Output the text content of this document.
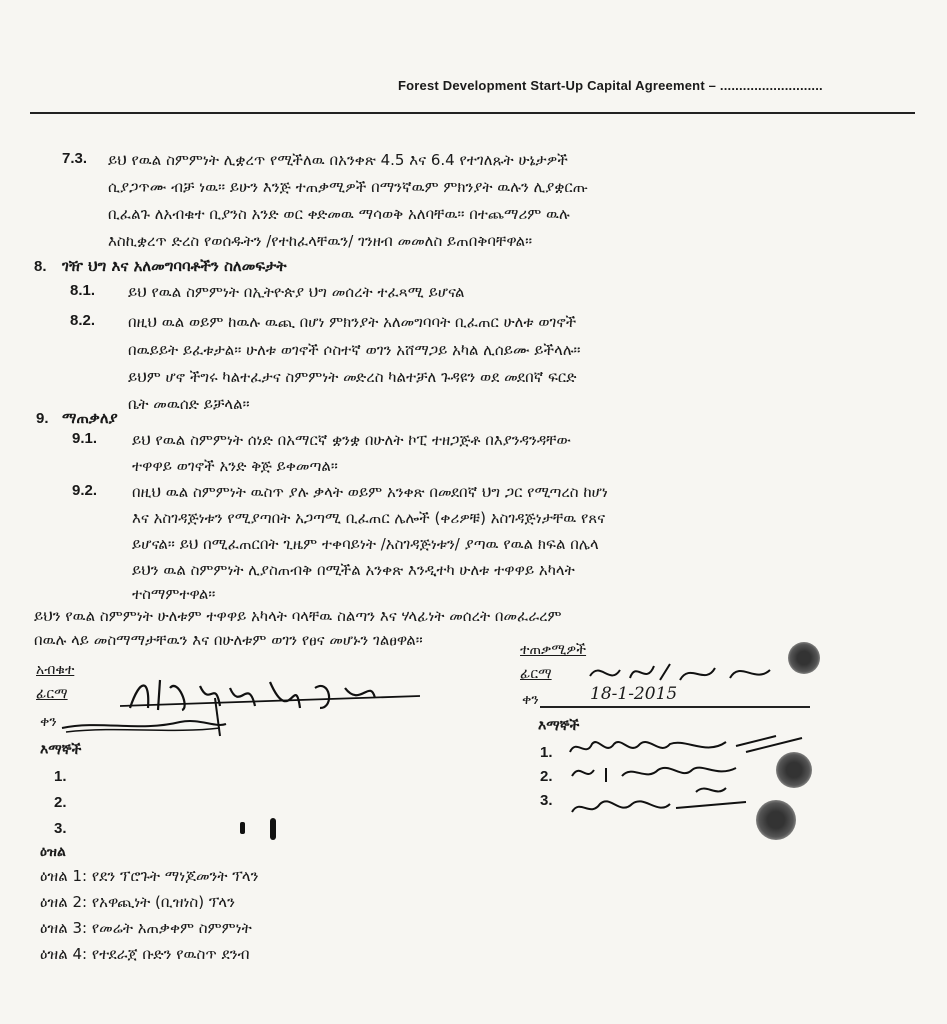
Forest Development Start-Up Capital Agreement – ...........................
7.3. ይህ የዉል ስምምነት ሊቋረጥ የሚችለዉ በአንቀጽ 4.5 እና 6.4 የተገለጹት ሁኔታዎች
ሲያጋጥሙ ብቻ ነዉ። ይሁን እንጅ ተጠቃሚዎች በማንኛዉም ምክንያት ዉሉን ሊያቋርጡ
ቢፈልጉ ለአብቁተ ቢያንስ አንድ ወር ቀድመዉ ማሳወቅ አለባቸዉ። በተጨማሪም ዉሉ
እስኪቋረጥ ድረስ የወሰዱትን /የተከፈላቸዉን/ ገንዘብ መመለስ ይጠበቅባቸዋል።
8. ገዥ ህግ እና አለመግባባቶችን ስለመፍታት
8.1. ይህ የዉል ስምምነት በኢትዮጵያ ህግ መሰረት ተፈጻሚ ይሆናል
8.2. በዚህ ዉል ወይም ከዉሉ ዉጪ በሆነ ምክንያት አለመግባባት ቢፈጠር ሁለቱ ወገኖች
በዉይይት ይፈቱታል። ሁለቱ ወገኖች ሶስተኛ ወገን አሸማጋይ አካል ሊሰይሙ ይችላሉ።
ይህም ሆኖ ችግሩ ካልተፈታና ስምምነት መድረስ ካልተቻለ ጉዳዩን ወደ መደበኛ ፍርድ
ቤት መዉሰድ ይቻላል።
9. ማጠቃለያ
9.1. ይህ የዉል ስምምነት ሰነድ በአማርኛ ቋንቋ በሁለት ኮፒ ተዘጋጅቶ በእያንዳንዳቸው
ተዋዋይ ወገኖች አንድ ቅጅ ይቀመጣል።
9.2. በዚህ ዉል ስምምነት ዉስጥ ያሉ ቃላት ወይም አንቀጽ በመደበኛ ህግ ጋር የሚጣረስ ከሆነ
እና አስገዳጅነቱን የሚያጣበት አጋጣሚ ቢፈጠር ሌሎች (ቀሪዎቹ) አስገዳጅነታቸዉ የጸና
ይሆናል። ይህ በሚፈጠርበት ጊዜም ተቀባይነት /አስገዳጅነቱን/ ያጣዉ የዉል ክፍል በሌላ
ይህን ዉል ስምምነት ሊያስጠብቅ በሚችል አንቀጽ እንዲተካ ሁለቱ ተዋዋይ አካላት
ተስማምተዋል።
ይህን የዉል ስምምነት ሁለቱም ተዋዋይ አካላት ባላቸዉ ስልጣን እና ሃላፊነት መሰረት በመፈራረም
በዉሉ ላይ መስማማታቸዉን እና በሁለቱም ወገን የፀና መሆኑን ገልፀዋል።
አብቁተ
ፊርማ
ቀን
እማኞች
1.
2.
3.
ተጠቃሚዎች
ፊርማ
ቀን	18-1-2015
እማኞች
1.
2.
3.
ዕዝል
ዕዝል 1: የደን ፕሮጉት ማነጆመንት ፕላን
ዕዝል 2: የአዋጪነት (ቢዝነስ) ፕላን
ዕዝል 3: የመሬት አጠቃቀም ስምምነት
ዕዝል 4: የተደራጀ ቡድን የዉስጥ ደንብ
